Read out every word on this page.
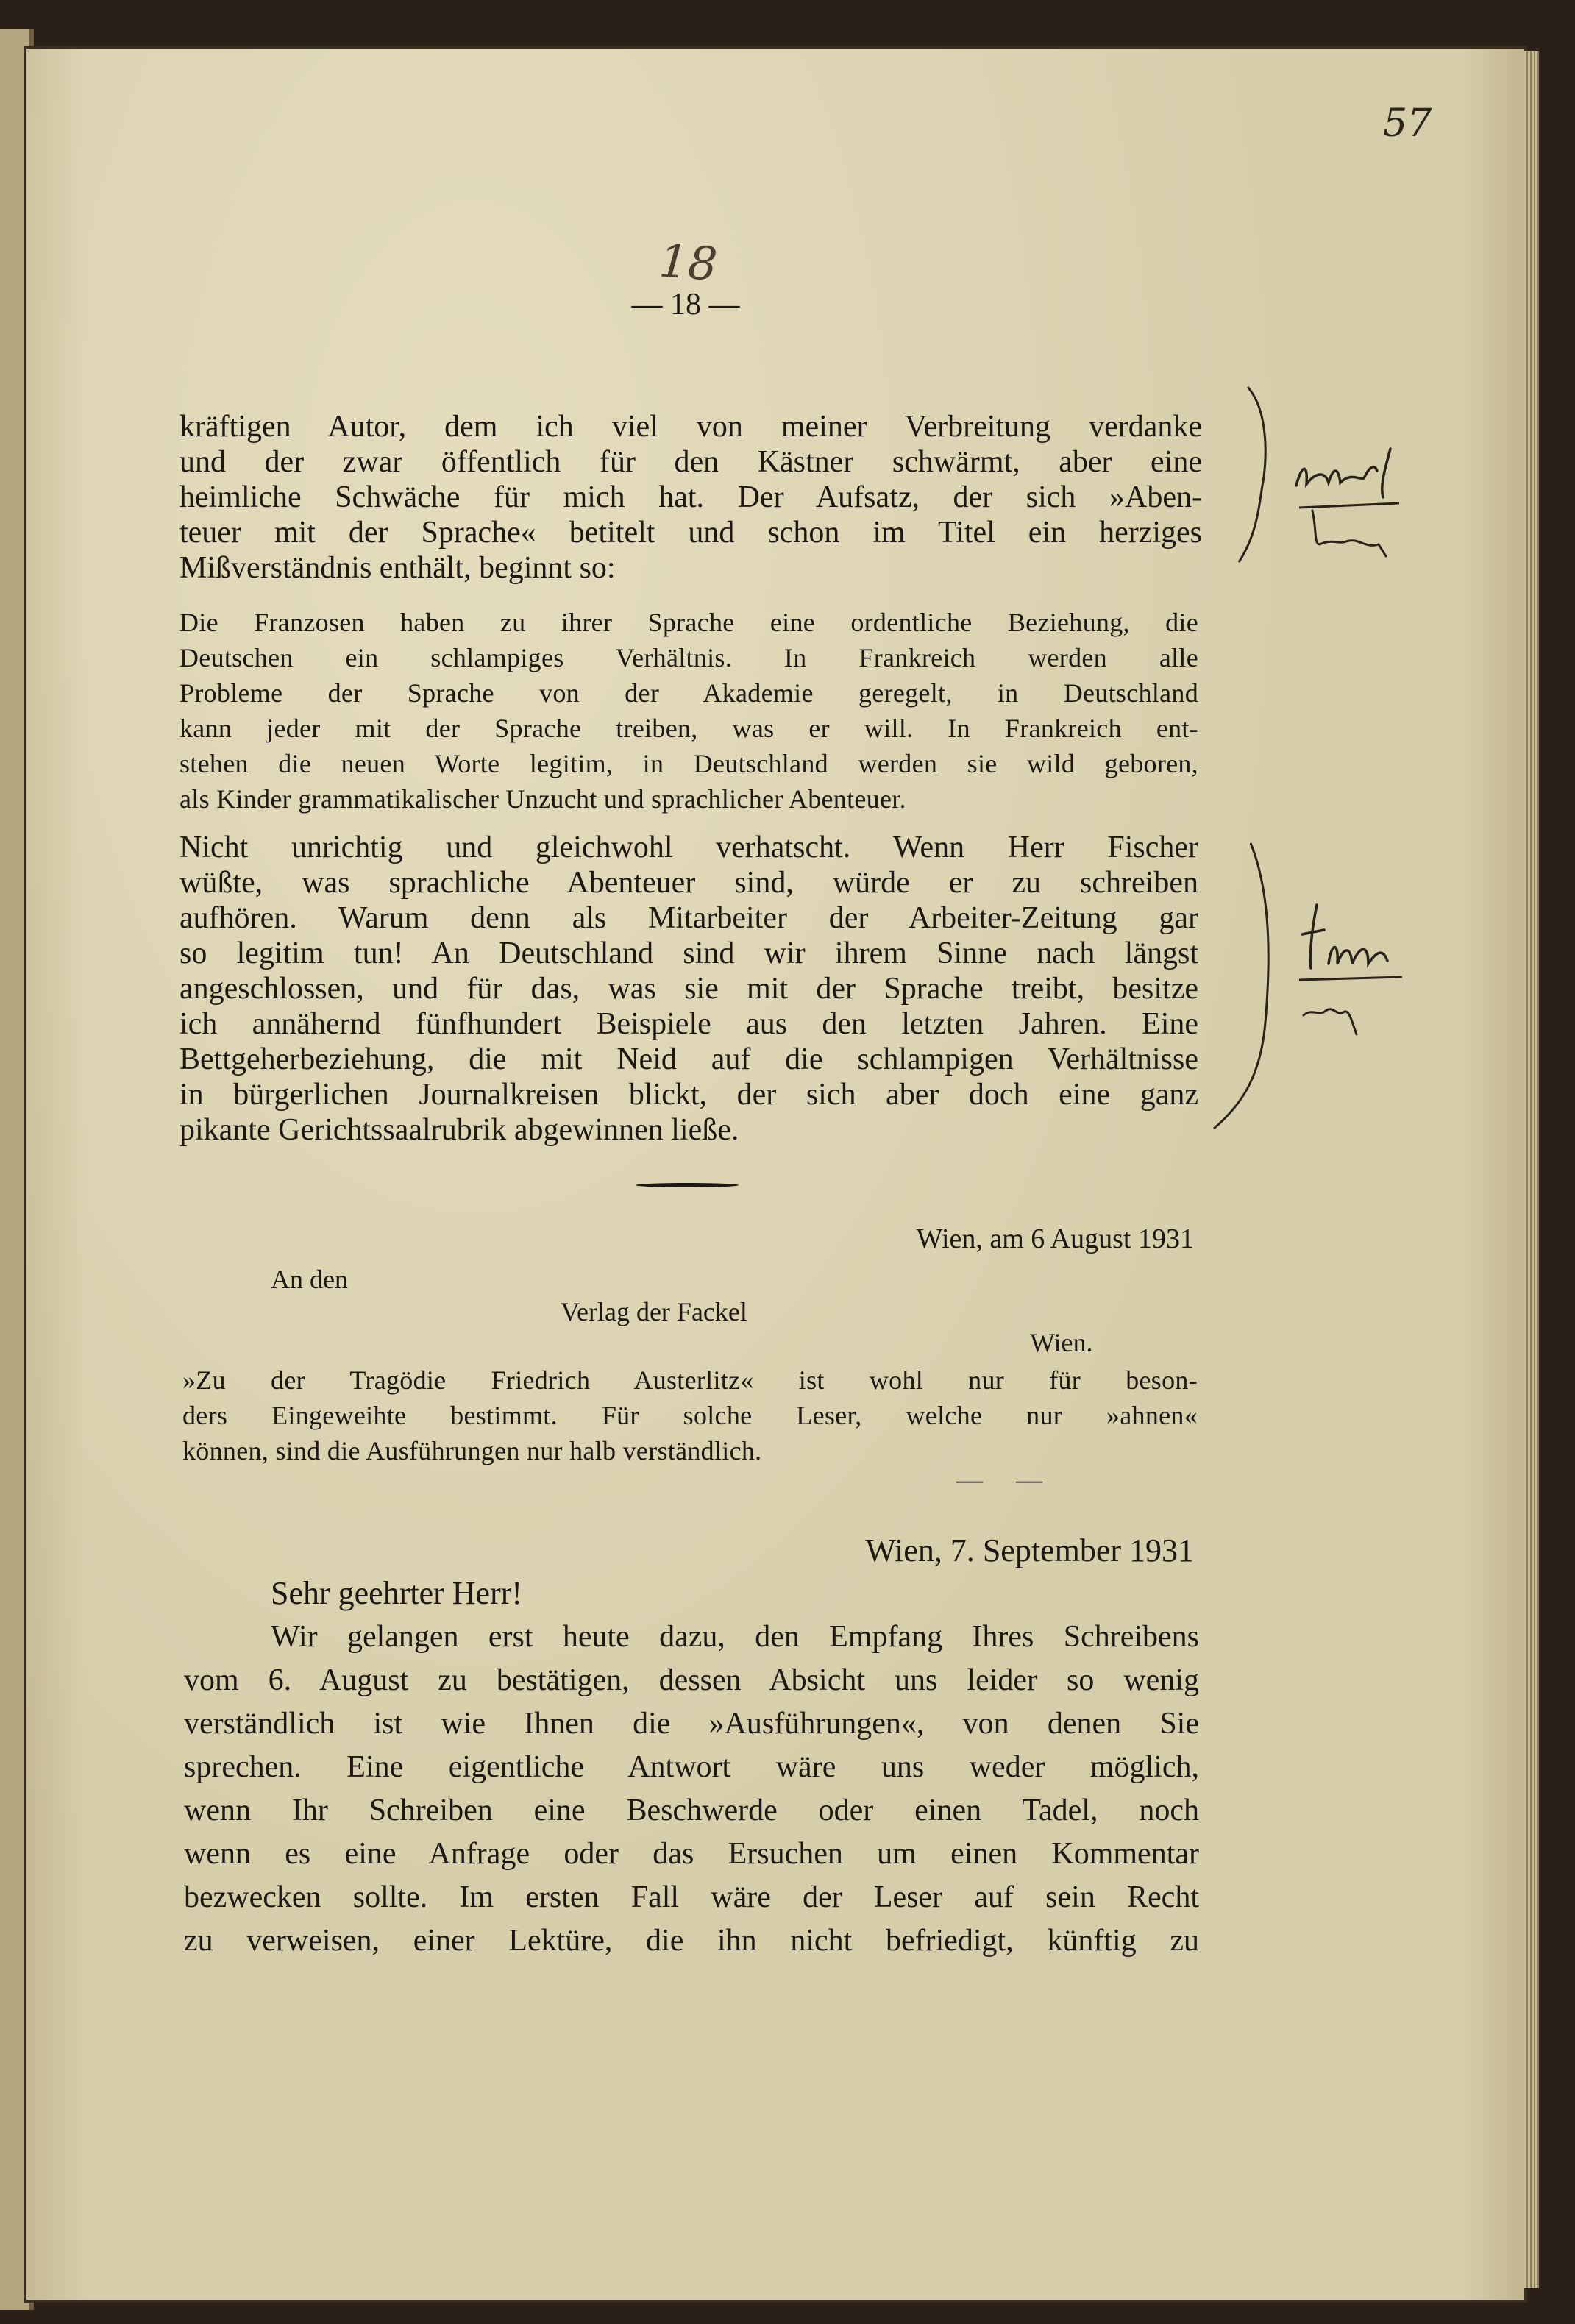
57
18
— 18 —
kräftigen Autor, dem ich viel von meiner Verbreitung verdanke
und der zwar öffentlich für den Kästner schwärmt, aber eine
heimliche Schwäche für mich hat. Der Aufsatz, der sich »Aben-
teuer mit der Sprache« betitelt und schon im Titel ein herziges
Mißverständnis enthält, beginnt so:
Die Franzosen haben zu ihrer Sprache eine ordentliche Beziehung, die
Deutschen ein schlampiges Verhältnis. In Frankreich werden alle
Probleme der Sprache von der Akademie geregelt, in Deutschland
kann jeder mit der Sprache treiben, was er will. In Frankreich ent-
stehen die neuen Worte legitim, in Deutschland werden sie wild geboren,
als Kinder grammatikalischer Unzucht und sprachlicher Abenteuer.
Nicht unrichtig und gleichwohl verhatscht. Wenn Herr Fischer
wüßte, was sprachliche Abenteuer sind, würde er zu schreiben
aufhören. Warum denn als Mitarbeiter der Arbeiter-Zeitung gar
so legitim tun! An Deutschland sind wir ihrem Sinne nach längst
angeschlossen, und für das, was sie mit der Sprache treibt, besitze
ich annähernd fünfhundert Beispiele aus den letzten Jahren. Eine
Bettgeherbeziehung, die mit Neid auf die schlampigen Verhältnisse
in bürgerlichen Journalkreisen blickt, der sich aber doch eine ganz
pikante Gerichtssaalrubrik abgewinnen ließe.
Wien, am 6 August 1931
An den
Verlag der Fackel
Wien.
»Zu der Tragödie Friedrich Austerlitz« ist wohl nur für beson-
ders Eingeweihte bestimmt. Für solche Leser, welche nur »ahnen«
können, sind die Ausführungen nur halb verständlich.
— —
Wien, 7. September 1931
Sehr geehrter Herr!
Wir gelangen erst heute dazu, den Empfang Ihres Schreibens
vom 6. August zu bestätigen, dessen Absicht uns leider so wenig
verständlich ist wie Ihnen die »Ausführungen«, von denen Sie
sprechen. Eine eigentliche Antwort wäre uns weder möglich,
wenn Ihr Schreiben eine Beschwerde oder einen Tadel, noch
wenn es eine Anfrage oder das Ersuchen um einen Kommentar
bezwecken sollte. Im ersten Fall wäre der Leser auf sein Recht
zu verweisen, einer Lektüre, die ihn nicht befriedigt, künftig zu
